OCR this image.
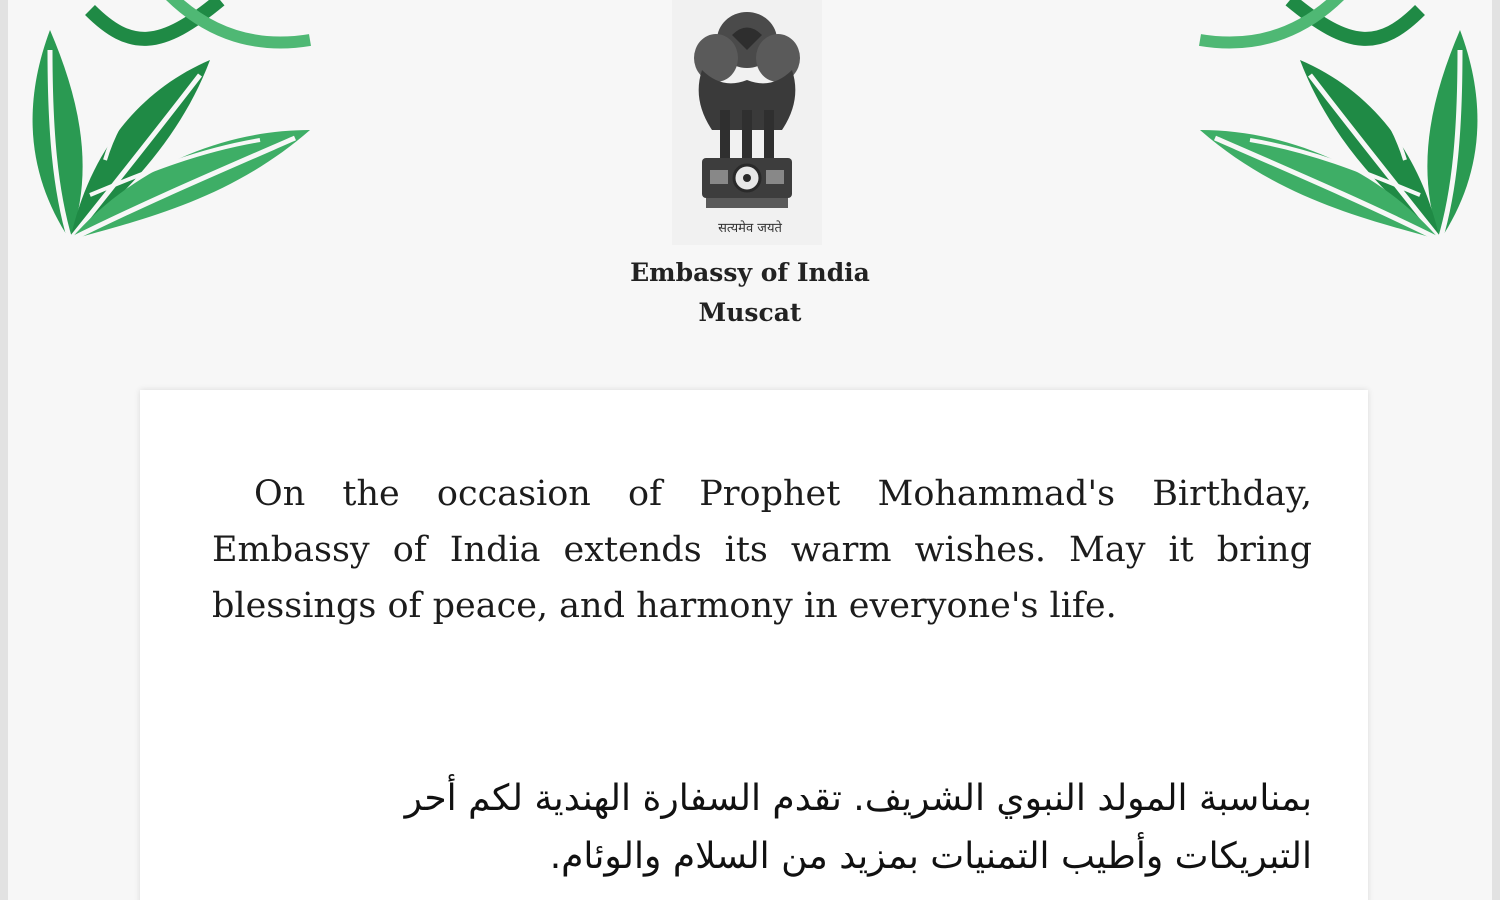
सत्यमेव जयते
Embassy of India
Muscat
On the occasion of Prophet Mohammad's Birthday, Embassy of India extends its warm wishes. May it bring blessings of peace, and harmony in everyone's life.
بمناسبة المولد النبوي الشريف. تقدم السفارة الهندية لكم أحر
التبريكات وأطيب التمنيات بمزيد من السلام والوئام.
